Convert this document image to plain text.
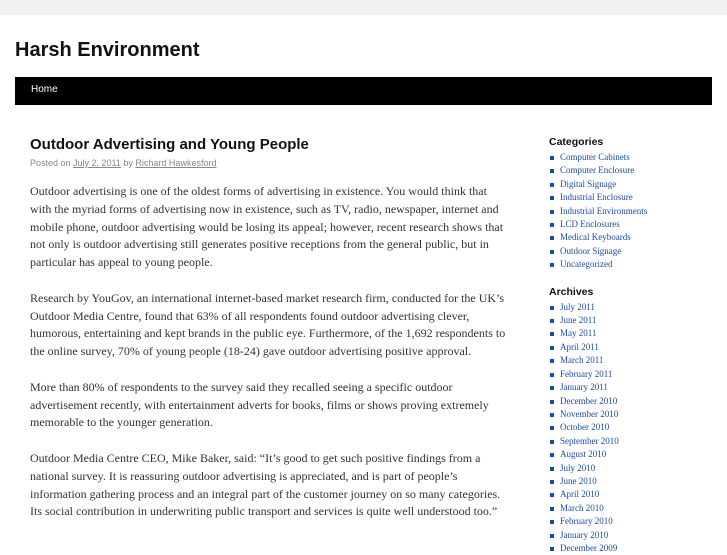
Harsh Environment
Home
Outdoor Advertising and Young People
Posted on July 2, 2011 by Richard Hawkesford

Outdoor advertising is one of the oldest forms of advertising in existence. You would think that with the myriad forms of advertising now in existence, such as TV, radio, newspaper, internet and mobile phone, outdoor advertising would be losing its appeal; however, recent research shows that not only is outdoor advertising still generates positive receptions from the general public, but in particular has appeal to young people.

Research by YouGov, an international internet-based market research firm, conducted for the UK’s Outdoor Media Centre, found that 63% of all respondents found outdoor advertising clever, humorous, entertaining and kept brands in the public eye. Furthermore, of the 1,692 respondents to the online survey, 70% of young people (18-24) gave outdoor advertising positive approval.

More than 80% of respondents to the survey said they recalled seeing a specific outdoor advertisement recently, with entertainment adverts for books, films or shows proving extremely memorable to the younger generation.

Outdoor Media Centre CEO, Mike Baker, said: “It’s good to get such positive findings from a national survey. It is reassuring outdoor advertising is appreciated, and is part of people’s information gathering process and an integral part of the customer journey on so many categories. Its social contribution in underwriting public transport and services is quite well understood too.”

Categories
Computer Cabinets
Computer Enclosure
Digital Signage
Industrial Enclosure
Industrial Environments
LCD Enclosures
Medical Keyboards
Outdoor Signage
Uncategorized
Archives
July 2011
June 2011
May 2011
April 2011
March 2011
February 2011
January 2011
December 2010
November 2010
October 2010
September 2010
August 2010
July 2010
June 2010
April 2010
March 2010
February 2010
January 2010
December 2009
